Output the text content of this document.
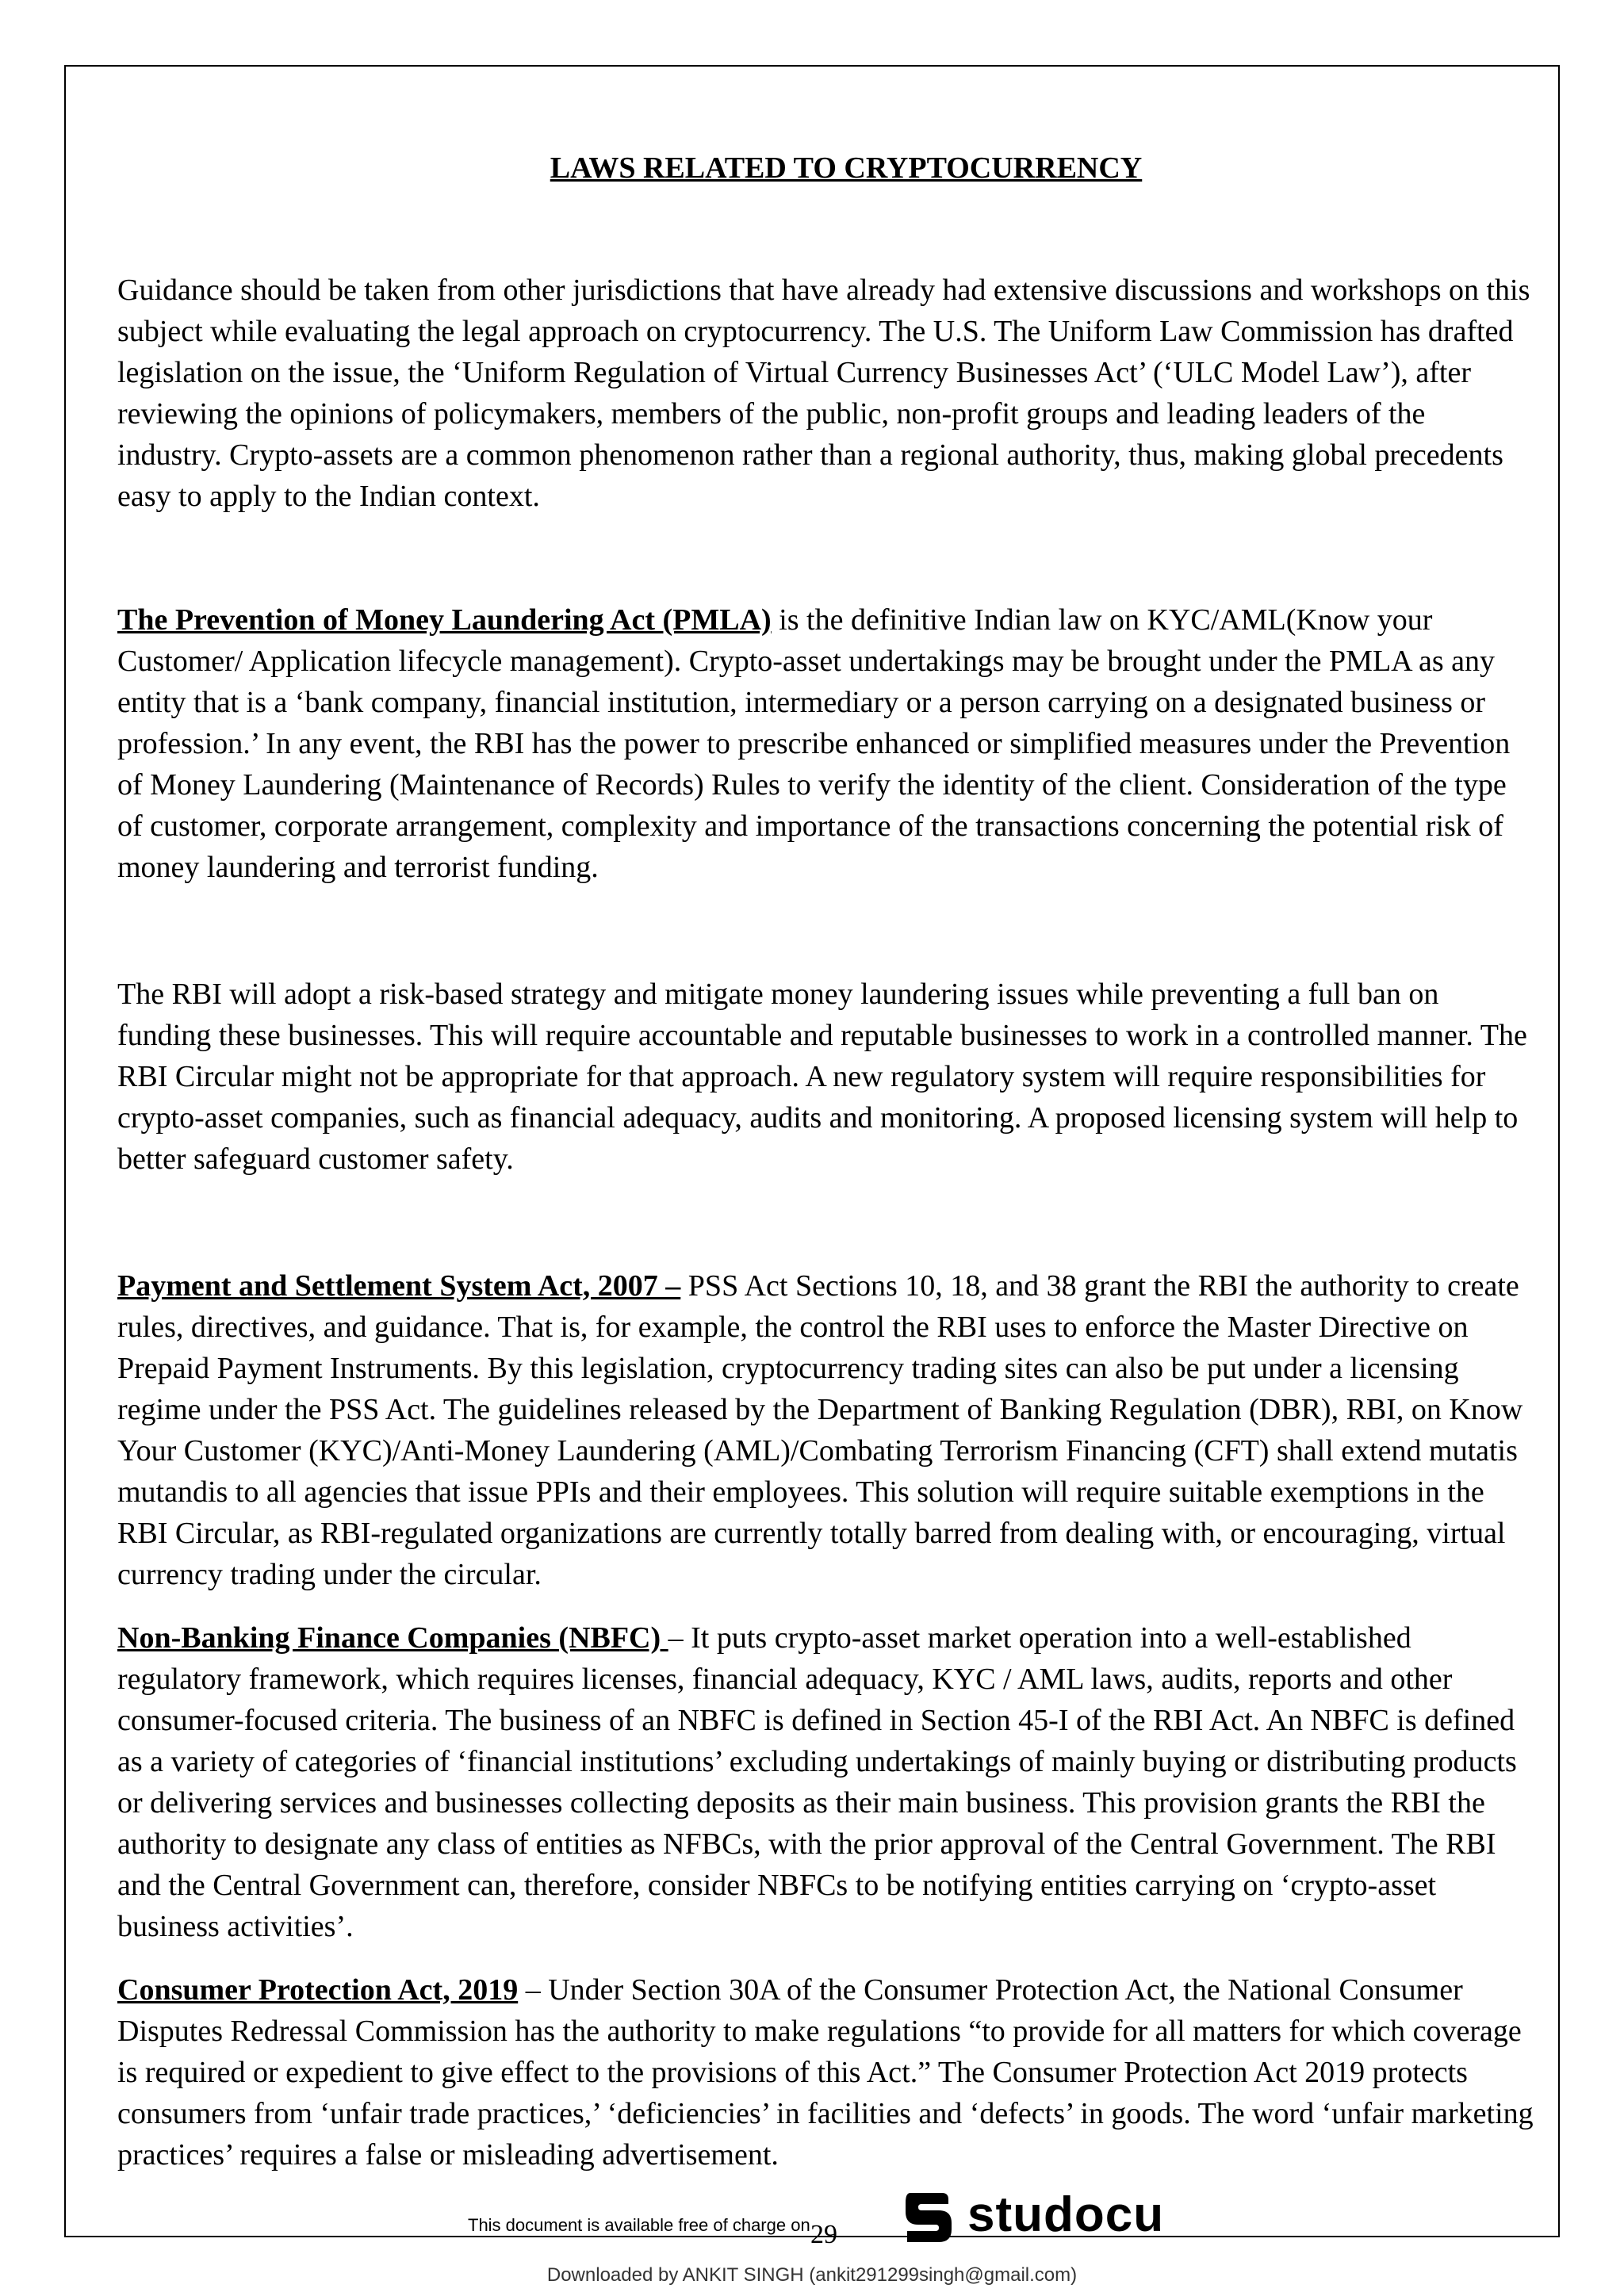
LAWS RELATED TO CRYPTOCURRENCY

Guidance should be taken from other jurisdictions that have already had extensive discussions and workshops on this subject while evaluating the legal approach on cryptocurrency. The U.S. The Uniform Law Commission has drafted legislation on the issue, the ‘Uniform Regulation of Virtual Currency Businesses Act’ (‘ULC Model Law’), after reviewing the opinions of policymakers, members of the public, non-profit groups and leading leaders of the industry. Crypto-assets are a common phenomenon rather than a regional authority, thus, making global precedents easy to apply to the Indian context.

The Prevention of Money Laundering Act (PMLA) is the definitive Indian law on KYC/AML(Know your Customer/ Application lifecycle management). Crypto-asset undertakings may be brought under the PMLA as any entity that is a ‘bank company, financial institution, intermediary or a person carrying on a designated business or profession.’ In any event, the RBI has the power to prescribe enhanced or simplified measures under the Prevention of Money Laundering (Maintenance of Records) Rules to verify the identity of the client. Consideration of the type of customer, corporate arrangement, complexity and importance of the transactions concerning the potential risk of money laundering and terrorist funding.

The RBI will adopt a risk-based strategy and mitigate money laundering issues while preventing a full ban on funding these businesses. This will require accountable and reputable businesses to work in a controlled manner. The RBI Circular might not be appropriate for that approach. A new regulatory system will require responsibilities for crypto-asset companies, such as financial adequacy, audits and monitoring. A proposed licensing system will help to better safeguard customer safety.

Payment and Settlement System Act, 2007 – PSS Act Sections 10, 18, and 38 grant the RBI the authority to create rules, directives, and guidance. That is, for example, the control the RBI uses to enforce the Master Directive on Prepaid Payment Instruments. By this legislation, cryptocurrency trading sites can also be put under a licensing regime under the PSS Act. The guidelines released by the Department of Banking Regulation (DBR), RBI, on Know Your Customer (KYC)/Anti-Money Laundering (AML)/Combating Terrorism Financing (CFT) shall extend mutatis mutandis to all agencies that issue PPIs and their employees. This solution will require suitable exemptions in the RBI Circular, as RBI-regulated organizations are currently totally barred from dealing with, or encouraging, virtual currency trading under the circular.

Non-Banking Finance Companies (NBFC) – It puts crypto-asset market operation into a well-established regulatory framework, which requires licenses, financial adequacy, KYC / AML laws, audits, reports and other consumer-focused criteria. The business of an NBFC is defined in Section 45-I of the RBI Act. An NBFC is defined as a variety of categories of ‘financial institutions’ excluding undertakings of mainly buying or distributing products or delivering services and businesses collecting deposits as their main business. This provision grants the RBI the authority to designate any class of entities as NFBCs, with the prior approval of the Central Government. The RBI and the Central Government can, therefore, consider NBFCs to be notifying entities carrying on ‘crypto-asset business activities’.

Consumer Protection Act, 2019 – Under Section 30A of the Consumer Protection Act, the National Consumer Disputes Redressal Commission has the authority to make regulations “to provide for all matters for which coverage is required or expedient to give effect to the provisions of this Act.” The Consumer Protection Act 2019 protects consumers from ‘unfair trade practices,’ ‘deficiencies’ in facilities and ‘defects’ in goods. The word ‘unfair marketing practices’ requires a false or misleading advertisement.

This document is available free of charge on 29	studocu
Downloaded by ANKIT SINGH (ankit291299singh@gmail.com)
